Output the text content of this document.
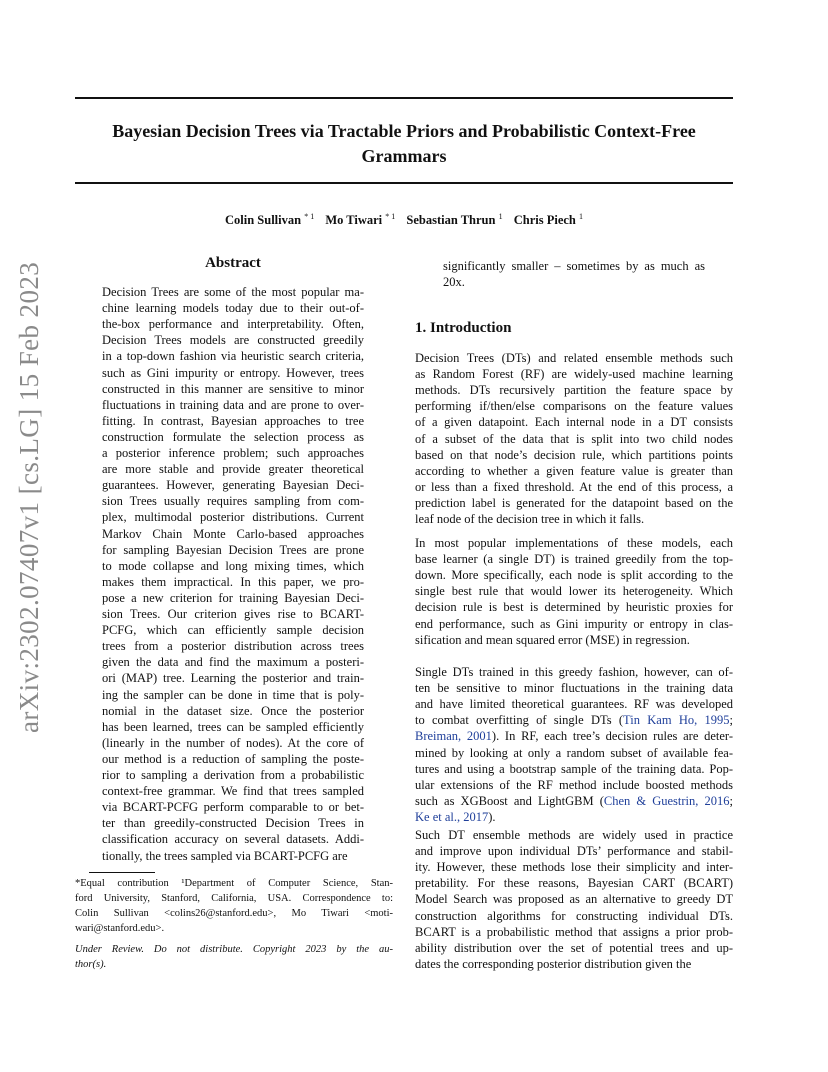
Bayesian Decision Trees via Tractable Priors and Probabilistic Context-Free
Grammars
Colin Sullivan $^{* 1}$ Mo Tiwari $^{* 1}$ Sebastian Thrun $^1$ Chris Piech $^1$
arXiv:2302.07407v1 [cs.LG] 15 Feb 2023	Abstract
Decision Trees are some of the most popular ma-
chine learning models today due to their out-of-
the-box performance and interpretability. Often,
Decision Trees models are constructed greedily
in a top-down fashion via heuristic search criteria,
such as Gini impurity or entropy. However, trees
constructed in this manner are sensitive to minor
fluctuations in training data and are prone to over-
fitting. In contrast, Bayesian approaches to tree
construction formulate the selection process as
a posterior inference problem; such approaches
are more stable and provide greater theoretical
guarantees. However, generating Bayesian Deci-
sion Trees usually requires sampling from com-
plex, multimodal posterior distributions. Current
Markov Chain Monte Carlo-based approaches
for sampling Bayesian Decision Trees are prone
to mode collapse and long mixing times, which
makes them impractical. In this paper, we pro-
pose a new criterion for training Bayesian Deci-
sion Trees. Our criterion gives rise to BCART-
PCFG, which can efficiently sample decision
trees from a posterior distribution across trees
given the data and find the maximum a posteri-
ori (MAP) tree. Learning the posterior and train-
ing the sampler can be done in time that is poly-
nomial in the dataset size. Once the posterior
has been learned, trees can be sampled efficiently
(linearly in the number of nodes). At the core of
our method is a reduction of sampling the poste-
rior to sampling a derivation from a probabilistic
context-free grammar. We find that trees sampled
via BCART-PCFG perform comparable to or bet-
ter than greedily-constructed Decision Trees in
classification accuracy on several datasets. Addi-
tionally, the trees sampled via BCART-PCFG are
significantly smaller – sometimes by as much as
20x.
*Equal contribution ¹Department of Computer Science, Stan-
ford University, Stanford, California, USA. Correspondence to:
Colin Sullivan <colins26@stanford.edu>, Mo Tiwari <moti-
wari@stanford.edu>.
Under Review. Do not distribute. Copyright 2023 by the au-
thor(s).
1. Introduction
Decision Trees (DTs) and related ensemble methods such
as Random Forest (RF) are widely-used machine learning
methods. DTs recursively partition the feature space by
performing if/then/else comparisons on the feature values
of a given datapoint. Each internal node in a DT consists
of a subset of the data that is split into two child nodes
based on that node’s decision rule, which partitions points
according to whether a given feature value is greater than
or less than a fixed threshold. At the end of this process, a
prediction label is generated for the datapoint based on the
leaf node of the decision tree in which it falls.
In most popular implementations of these models, each
base learner (a single DT) is trained greedily from the top-
down. More specifically, each node is split according to the
single best rule that would lower its heterogeneity. Which
decision rule is best is determined by heuristic proxies for
end performance, such as Gini impurity or entropy in clas-
sification and mean squared error (MSE) in regression.
Single DTs trained in this greedy fashion, however, can of-
ten be sensitive to minor fluctuations in the training data
and have limited theoretical guarantees. RF was developed
to combat overfitting of single DTs (Tin Kam Ho, 1995;
Breiman, 2001). In RF, each tree’s decision rules are deter-
mined by looking at only a random subset of available fea-
tures and using a bootstrap sample of the training data. Pop-
ular extensions of the RF method include boosted methods
such as XGBoost and LightGBM (Chen & Guestrin, 2016;
Ke et al., 2017).
Such DT ensemble methods are widely used in practice
and improve upon individual DTs’ performance and stabil-
ity. However, these methods lose their simplicity and inter-
pretability. For these reasons, Bayesian CART (BCART)
Model Search was proposed as an alternative to greedy DT
construction algorithms for constructing individual DTs.
BCART is a probabilistic method that assigns a prior prob-
ability distribution over the set of potential trees and up-
dates the corresponding posterior distribution given the
